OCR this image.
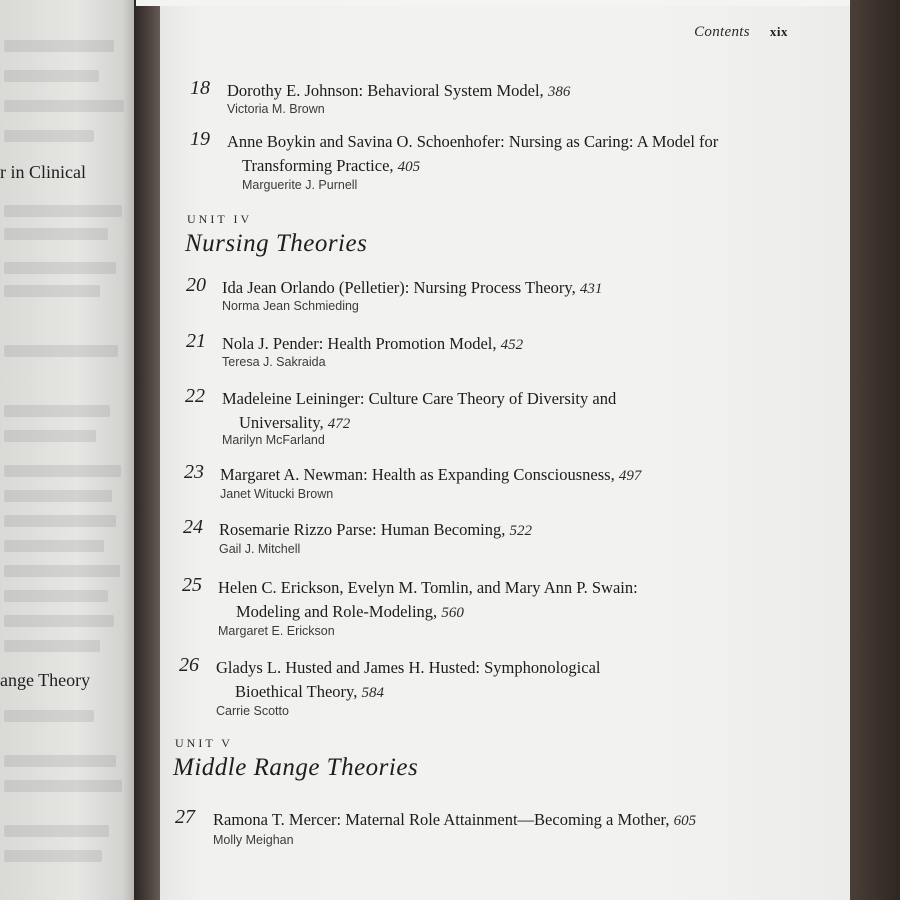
r in Clinical
ange Theory
Contents xix
18 Dorothy E. Johnson: Behavioral System Model, 386
Victoria M. Brown
19 Anne Boykin and Savina O. Schoenhofer: Nursing as Caring: A Model for
Transforming Practice, 405
Marguerite J. Purnell
UNIT IV
Nursing Theories
20 Ida Jean Orlando (Pelletier): Nursing Process Theory, 431
Norma Jean Schmieding
21 Nola J. Pender: Health Promotion Model, 452
Teresa J. Sakraida
22 Madeleine Leininger: Culture Care Theory of Diversity and
Universality, 472
Marilyn McFarland
23 Margaret A. Newman: Health as Expanding Consciousness, 497
Janet Witucki Brown
24 Rosemarie Rizzo Parse: Human Becoming, 522
Gail J. Mitchell
25 Helen C. Erickson, Evelyn M. Tomlin, and Mary Ann P. Swain:
Modeling and Role-Modeling, 560
Margaret E. Erickson
26 Gladys L. Husted and James H. Husted: Symphonological
Bioethical Theory, 584
Carrie Scotto
UNIT V
Middle Range Theories
27 Ramona T. Mercer: Maternal Role Attainment—Becoming a Mother, 605
Molly Meighan
